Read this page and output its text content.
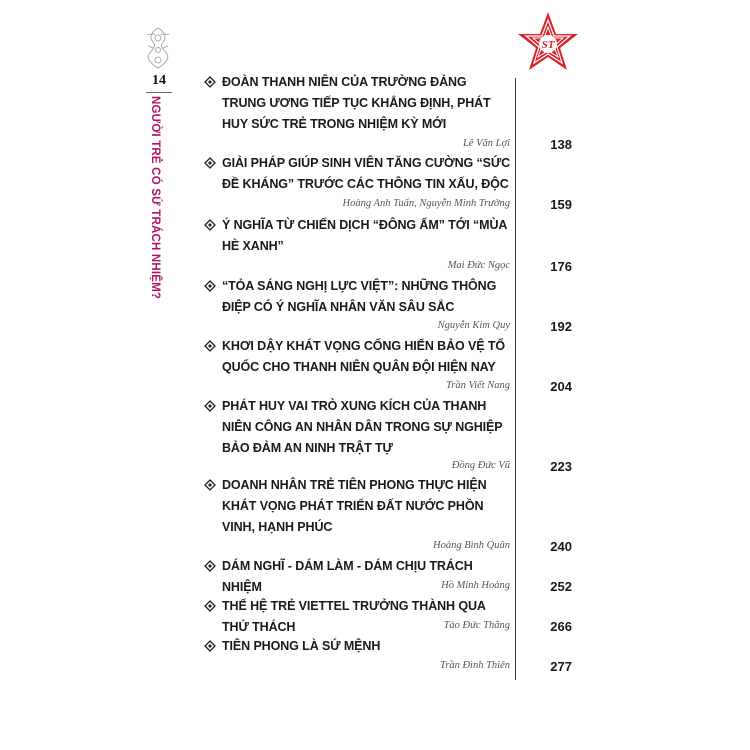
14
NGƯỜI TRẺ CÓ SỨ TRÁCH NHIỆM?
ST
ĐOÀN THANH NIÊN CỦA TRƯỜNG ĐẢNG TRUNG ƯƠNG TIẾP TỤC KHẲNG ĐỊNH, PHÁT HUY SỨC TRẺ TRONG NHIỆM KỲ MỚI
Lê Văn Lợi	138
GIẢI PHÁP GIÚP SINH VIÊN TĂNG CƯỜNG “SỨC ĐỀ KHÁNG” TRƯỚC CÁC THÔNG TIN XẤU, ĐỘC
Hoàng Anh Tuấn, Nguyễn Minh Trường	159
Ý NGHĨA TỪ CHIẾN DỊCH “ĐÔNG ẤM” TỚI “MÙA HÈ XANH”
Mai Đức Ngọc	176
“TỎA SÁNG NGHỊ LỰC VIỆT”: NHỮNG THÔNG ĐIỆP CÓ Ý NGHĨA NHÂN VĂN SÂU SẮC
Nguyễn Kim Quy	192
KHƠI DẬY KHÁT VỌNG CỐNG HIẾN BẢO VỆ TỔ QUỐC CHO THANH NIÊN QUÂN ĐỘI HIỆN NAY
Trần Viết Nang	204
PHÁT HUY VAI TRÒ XUNG KÍCH CỦA THANH NIÊN CÔNG AN NHÂN DÂN TRONG SỰ NGHIỆP BẢO ĐẢM AN NINH TRẬT TỰ
Đồng Đức Vũ	223
DOANH NHÂN TRẺ TIÊN PHONG THỰC HIỆN KHÁT VỌNG PHÁT TRIỂN ĐẤT NƯỚC PHỒN VINH, HẠNH PHÚC
Hoàng Bình Quân	240
DÁM NGHĨ - DÁM LÀM - DÁM CHỊU TRÁCH NHIỆM	Hồ Minh Hoàng	252
THẾ HỆ TRẺ VIETTEL TRƯỞNG THÀNH QUA THỬ THÁCH	Tào Đức Thắng	266
TIÊN PHONG LÀ SỨ MỆNH
Trần Đình Thiên	277
